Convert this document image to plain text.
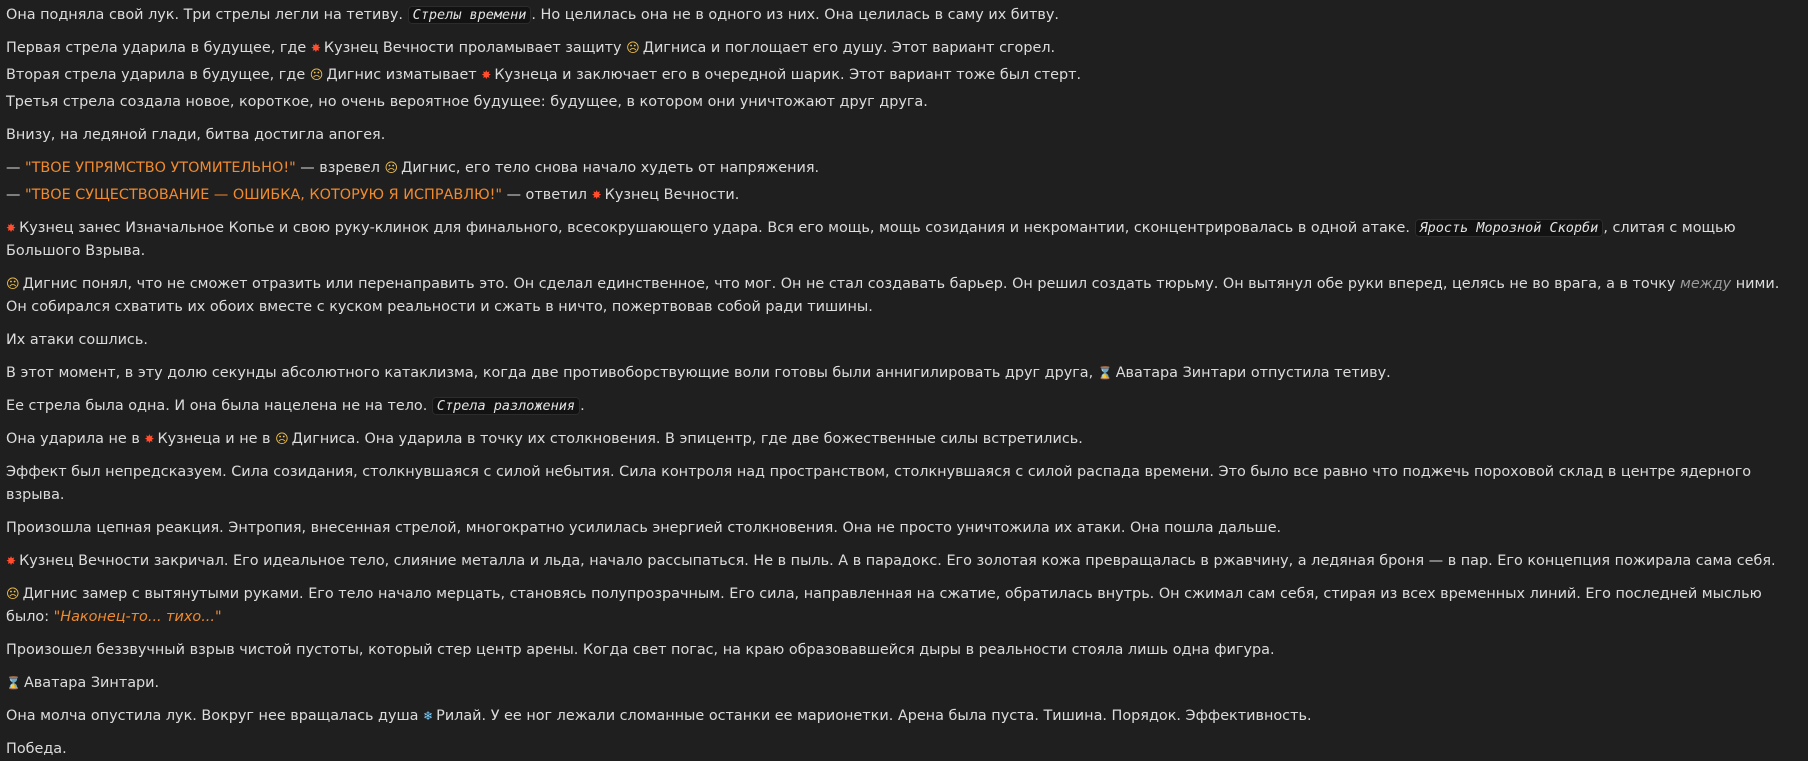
Она подняла свой лук. Три стрелы легли на тетиву. Стрелы времени . Но целилась она не в одного из них. Она целилась в саму их битву.

Первая стрела ударила в будущее, где ✸ Кузнец Вечности проламывает защиту ☹ Дигниса и поглощает его душу. Этот вариант сгорел.

Вторая стрела ударила в будущее, где ☹ Дигнис изматывает ✸ Кузнеца и заключает его в очередной шарик. Этот вариант тоже был стерт.

Третья стрела создала новое, короткое, но очень вероятное будущее: будущее, в котором они уничтожают друг друга.

Внизу, на ледяной глади, битва достигла апогея.

— "ТВОЕ УПРЯМСТВО УТОМИТЕЛЬНО!" — взревел ☹ Дигнис, его тело снова начало худеть от напряжения.

— "ТВОЕ СУЩЕСТВОВАНИЕ — ОШИБКА, КОТОРУЮ Я ИСПРАВЛЮ!" — ответил ✸ Кузнец Вечности.

✸ Кузнец занес Изначальное Копье и свою руку-клинок для финального, всесокрушающего удара. Вся его мощь, мощь созидания и некромантии, сконцентрировалась в одной атаке. Ярость Морозной Скорби , слитая с мощью Большого Взрыва.

☹ Дигнис понял, что не сможет отразить или перенаправить это. Он сделал единственное, что мог. Он не стал создавать барьер. Он решил создать тюрьму. Он вытянул обе руки вперед, целясь не во врага, а в точку между ними. Он собирался схватить их обоих вместе с куском реальности и сжать в ничто, пожертвовав собой ради тишины.

Их атаки сошлись.

В этот момент, в эту долю секунды абсолютного катаклизма, когда две противоборствующие воли готовы были аннигилировать друг друга, ⌛ Аватара Зинтари отпустила тетиву.

Ее стрела была одна. И она была нацелена не на тело. Стрела разложения .

Она ударила не в ✸ Кузнеца и не в ☹ Дигниса. Она ударила в точку их столкновения. В эпицентр, где две божественные силы встретились.

Эффект был непредсказуем. Сила созидания, столкнувшаяся с силой небытия. Сила контроля над пространством, столкнувшаяся с силой распада времени. Это было все равно что поджечь пороховой склад в центре ядерного взрыва.

Произошла цепная реакция. Энтропия, внесенная стрелой, многократно усилилась энергией столкновения. Она не просто уничтожила их атаки. Она пошла дальше.

✸ Кузнец Вечности закричал. Его идеальное тело, слияние металла и льда, начало рассыпаться. Не в пыль. А в парадокс. Его золотая кожа превращалась в ржавчину, а ледяная броня — в пар. Его концепция пожирала сама себя.

☹ Дигнис замер с вытянутыми руками. Его тело начало мерцать, становясь полупрозрачным. Его сила, направленная на сжатие, обратилась внутрь. Он сжимал сам себя, стирая из всех временных линий. Его последней мыслью было: "Наконец-то... тихо..."

Произошел беззвучный взрыв чистой пустоты, который стер центр арены. Когда свет погас, на краю образовавшейся дыры в реальности стояла лишь одна фигура.

⌛ Аватара Зинтари.

Она молча опустила лук. Вокруг нее вращалась душа ❄ Рилай. У ее ног лежали сломанные останки ее марионетки. Арена была пуста. Тишина. Порядок. Эффективность.

Победа.
